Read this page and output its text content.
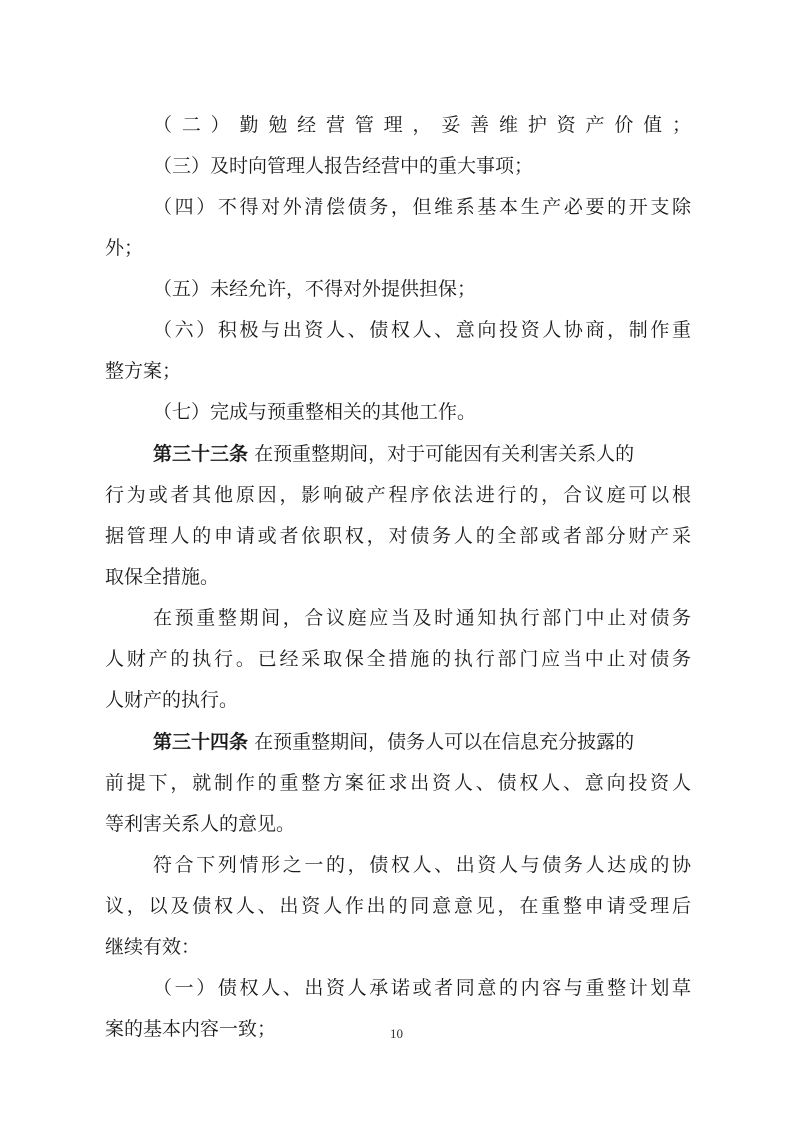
（二）勤勉经营管理，妥善维护资产价值；
（三）及时向管理人报告经营中的重大事项；
（四）不得对外清偿债务，但维系基本生产必要的开支除
外；
（五）未经允许，不得对外提供担保；
（六）积极与出资人、债权人、意向投资人协商，制作重
整方案；
（七）完成与预重整相关的其他工作。
第三十三条 在预重整期间，对于可能因有关利害关系人的
行为或者其他原因，影响破产程序依法进行的，合议庭可以根
据管理人的申请或者依职权，对债务人的全部或者部分财产采
取保全措施。
在预重整期间，合议庭应当及时通知执行部门中止对债务
人财产的执行。已经采取保全措施的执行部门应当中止对债务
人财产的执行。
第三十四条 在预重整期间，债务人可以在信息充分披露的
前提下，就制作的重整方案征求出资人、债权人、意向投资人
等利害关系人的意见。
符合下列情形之一的，债权人、出资人与债务人达成的协
议，以及债权人、出资人作出的同意意见，在重整申请受理后
继续有效：
（一）债权人、出资人承诺或者同意的内容与重整计划草
案的基本内容一致；	10
